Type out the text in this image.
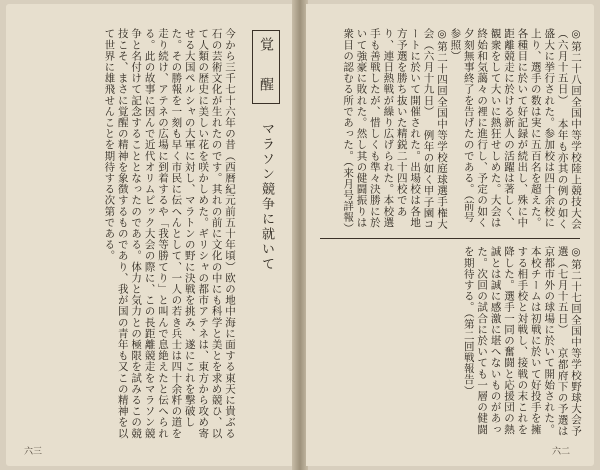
覚　醒
マラソン競争に就いて
今から三千七十六年の昔（西暦紀元前五十年頃）欧の地中海に面する東天に貴ぶる石の芸術文化が生れたのです。其れの前に文化の中にも科学と美とを求め競ひ、以て人類の歴史に美しい花を咲かしめた。ギリシャの都市アテネは、東方から攻め寄せる大国ペルシャの大軍に対し、マラトンの野に決戦を挑み、遂にこれを撃破した。その勝報を一刻も早く市民に伝へんとして、一人の若き兵士は四十余粁の道を走り続け、アテネの広場に到着するや「我等勝てり」と叫んで息絶えたと伝へられる。此の故事に因んで近代オリムピック大会の際に、この長距離競走をマラソン競争と名付けて記念することとなったのである。体力と気力との極限を試みるこの競技こそ、まさに覚醒の精神を象徴するものであり、我が国の青年も又この精神を以て世界に雄飛せんことを期待する次第である。
六三

◎第二十八回全国中等学校陸上競技大会（六月十五日） 本年も亦其の例の如く盛大に挙行された。参加校は四十余校に上り、選手の数は実に五百名を超えた。各種目に於いて好記録が続出し、殊に中距離競走に於ける新人の活躍は著しく、観衆をして大いに熱狂せしめた。大会は終始和気藹々の裡に進行し、予定の如く夕刻無事終了を告げたのである。（前号参照）

◎第二十四回全国中等学校庭球選手権大会（六月十九日） 例年の如く甲子園コートに於いて開催された。出場校は各地方予選を勝ち抜いた精鋭二十四校であり、連日熱戦が繰り広げられた。本校選手も善戦したが、惜しくも準々決勝に於いて強豪に敗れた。然し其の健闘振りは衆目の認むる所であった。（来月号詳報）

◎第二十七回全国中等学校野球大会予選（七月十五日） 京都府下の予選は京都市外の球場に於いて開始された。本校チームは初戦に於いて好投手を擁する相手校と対戦し、接戦の末これを降した。選手一同の奮闘と応援団の熱誠とは誠に感激に堪へないものがあった。次回の試合に於いても一層の健闘を期待する。（第二回戦報告）

六二
